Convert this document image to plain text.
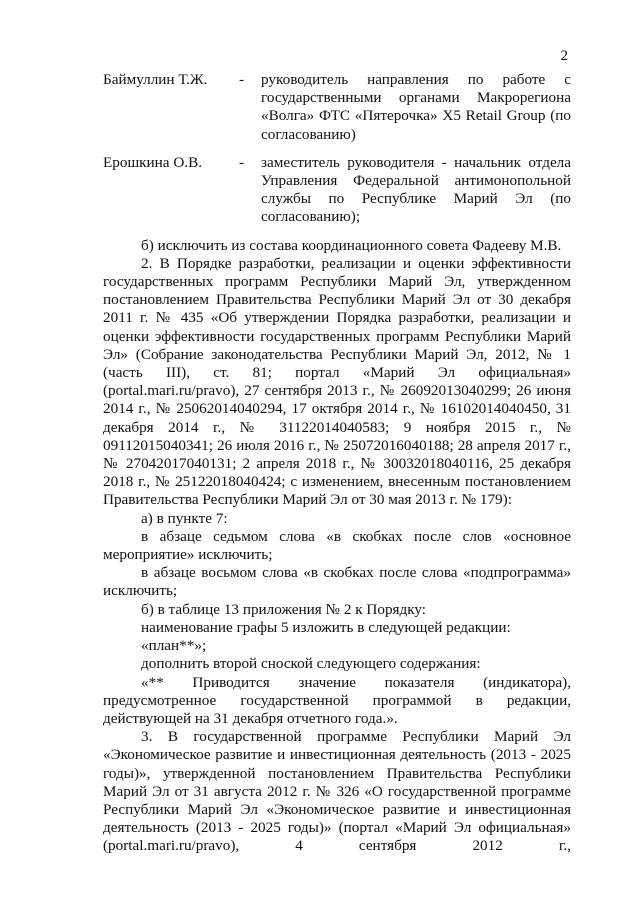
2
Баймуллин Т.Ж.	-	руководитель направления по работе с государственными органами Макрорегиона «Волга» ФТС «Пятерочка» X5 Retail Group (по согласованию)
Ерошкина О.В.	-	заместитель руководителя - начальник отдела Управления Федеральной антимонопольной службы по Республике Марий Эл (по согласованию);

б) исключить из состава координационного совета Фадееву М.В.

2. В Порядке разработки, реализации и оценки эффективности государственных программ Республики Марий Эл, утвержденном постановлением Правительства Республики Марий Эл от 30 декабря 2011 г. № 435 «Об утверждении Порядка разработки, реализации и оценки эффективности государственных программ Республики Марий Эл» (Собрание законодательства Республики Марий Эл, 2012, № 1 (часть III), ст. 81; портал «Марий Эл официальная» (portal.mari.ru/pravo), 27 сентября 2013 г., № 26092013040299; 26 июня 2014 г., № 25062014040294, 17 октября 2014 г., № 16102014040450, 31 декабря 2014 г., № 31122014040583; 9 ноября 2015 г., № 09112015040341; 26 июля 2016 г., № 25072016040188; 28 апреля 2017 г., № 27042017040131; 2 апреля 2018 г., № 30032018040116, 25 декабря 2018 г., № 25122018040424; с изменением, внесенным постановлением Правительства Республики Марий Эл от 30 мая 2013 г. № 179):

а) в пункте 7:

в абзаце седьмом слова «в скобках после слов «основное мероприятие» исключить;

в абзаце восьмом слова «в скобках после слова «подпрограмма» исключить;

б) в таблице 13 приложения № 2 к Порядку:

наименование графы 5 изложить в следующей редакции:

«план**»;

дополнить второй сноской следующего содержания:

«** Приводится значение показателя (индикатора), предусмотренное государственной программой в редакции, действующей на 31 декабря отчетного года.».

3. В государственной программе Республики Марий Эл «Экономическое развитие и инвестиционная деятельность (2013 - 2025 годы)», утвержденной постановлением Правительства Республики Марий Эл от 31 августа 2012 г. № 326 «О государственной программе Республики Марий Эл «Экономическое развитие и инвестиционная деятельность (2013 - 2025 годы)» (портал «Марий Эл официальная» (portal.mari.ru/pravo), 4 сентября 2012 г.,
